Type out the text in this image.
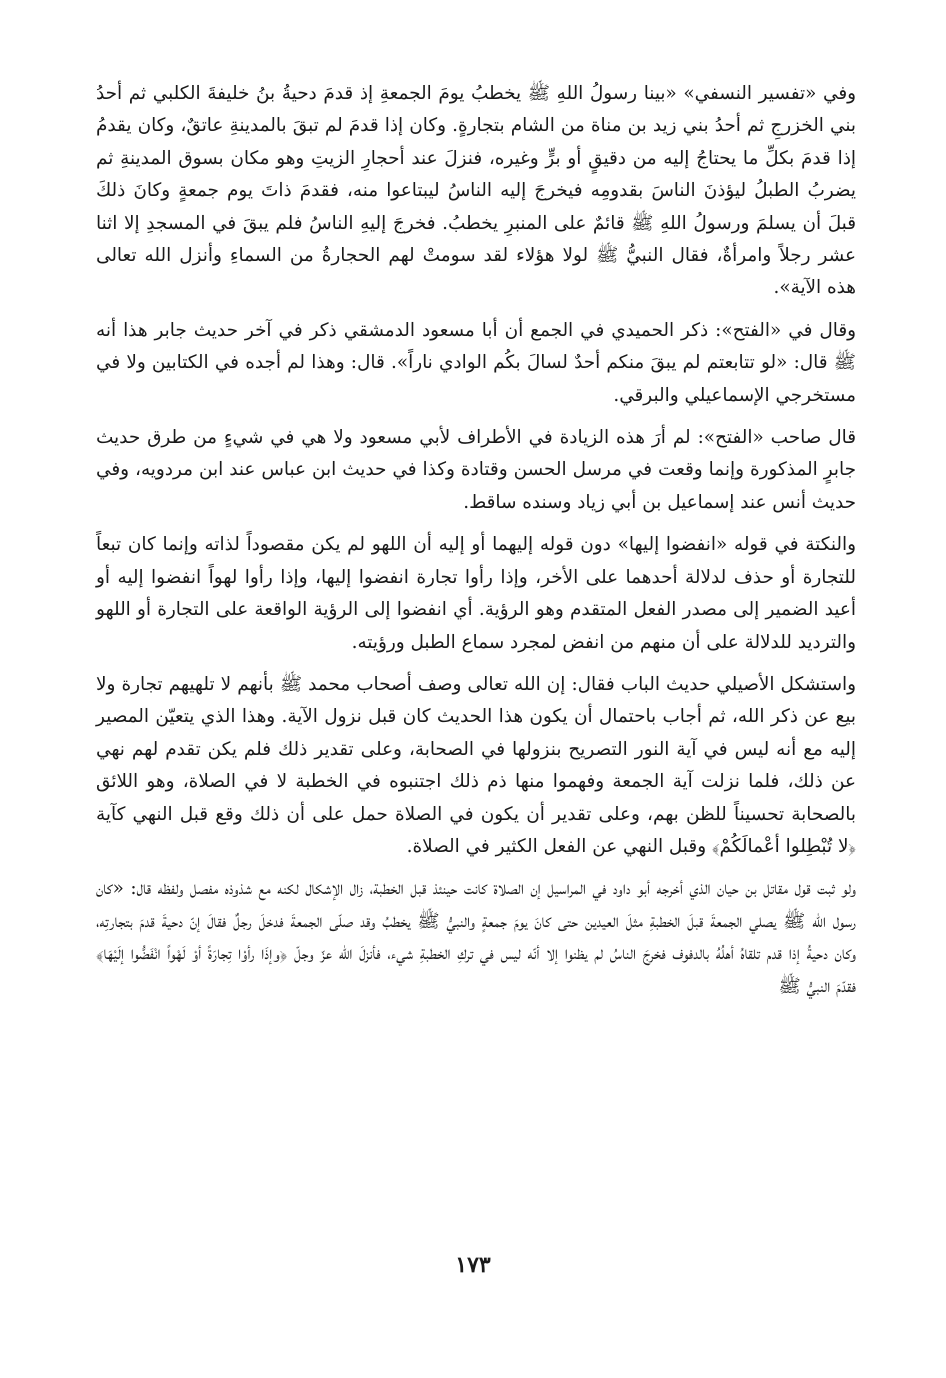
وفي «تفسير النسفي» «بينا رسولُ اللهِ ﷺ يخطبُ يومَ الجمعةِ إذ قدمَ دحيةُ بنُ خليفةَ الكلبي ثم أحدُ بني الخزرجِ ثم أحدُ بني زيد بن مناة من الشام بتجارةٍ. وكان إذا قدمَ لم تبقَ بالمدينةِ عاتقٌ، وكان يقدمُ إذا قدمَ بكلِّ ما يحتاجُ إليه من دقيقٍ أو برٍّ وغيره، فنزلَ عند أحجارِ الزيتِ وهو مكان بسوق المدينةِ ثم يضربُ الطبلُ ليؤذنَ الناسَ بقدومِه فيخرجَ إليه الناسُ ليبتاعوا منه، فقدمَ ذاتَ يوم جمعةٍ وكانَ ذلكَ قبلَ أن يسلمَ ورسولُ اللهِ ﷺ قائمٌ على المنبرِ يخطبُ. فخرجَ إليهِ الناسُ فلم يبقَ في المسجدِ إلا اثنا عشر رجلاً وامرأةٌ، فقال النبيُّ ﷺ لولا هؤلاء لقد سومتْ لهم الحجارةُ من السماءِ وأنزل الله تعالى هذه الآية».

وقال في «الفتح»: ذكر الحميدي في الجمع أن أبا مسعود الدمشقي ذكر في آخر حديث جابر هذا أنه ﷺ قال: «لو تتابعتم لم يبقَ منكم أحدٌ لسالَ بكُم الوادي ناراً». قال: وهذا لم أجده في الكتابين ولا في مستخرجي الإسماعيلي والبرقي.

قال صاحب «الفتح»: لم أرَ هذه الزيادة في الأطراف لأبي مسعود ولا هي في شيءٍ من طرق حديث جابرٍ المذكورة وإنما وقعت في مرسل الحسن وقتادة وكذا في حديث ابن عباس عند ابن مردويه، وفي حديث أنس عند إسماعيل بن أبي زياد وسنده ساقط.

والنكتة في قوله «انفضوا إليها» دون قوله إليهما أو إليه أن اللهو لم يكن مقصوداً لذاته وإنما كان تبعاً للتجارة أو حذف لدلالة أحدهما على الأخر، وإذا رأوا تجارة انفضوا إليها، وإذا رأوا لهواً انفضوا إليه أو أعيد الضمير إلى مصدر الفعل المتقدم وهو الرؤية. أي انفضوا إلى الرؤية الواقعة على التجارة أو اللهو والترديد للدلالة على أن منهم من انفض لمجرد سماع الطبل ورؤيته.

واستشكل الأصيلي حديث الباب فقال: إن الله تعالى وصف أصحاب محمد ﷺ بأنهم لا تلهيهم تجارة ولا بيع عن ذكر الله، ثم أجاب باحتمال أن يكون هذا الحديث كان قبل نزول الآية. وهذا الذي يتعيّن المصير إليه مع أنه ليس في آية النور التصريح بنزولها في الصحابة، وعلى تقدير ذلك فلم يكن تقدم لهم نهي عن ذلك، فلما نزلت آية الجمعة وفهموا منها ذم ذلك اجتنبوه في الخطبة لا في الصلاة، وهو اللائق بالصحابة تحسيناً للظن بهم، وعلى تقدير أن يكون في الصلاة حمل على أن ذلك وقع قبل النهي كآية ﴿لا تُبْطِلوا أعْمالَكُمْ﴾ وقبل النهي عن الفعل الكثير في الصلاة.

ولو ثبت قول مقاتل بن حيان الذي أخرجه أبو داود في المراسيل إن الصلاة كانت حينئذ قبل الخطبة، زال الإشكال لكنه مع شذوذه مفصل ولفظه قال: «كان رسول الله ﷺ يصلي الجمعةَ قبلَ الخطبةِ مثلَ العيدين حتى كانَ يومَ جمعةٍ والنبيُّ ﷺ يخطبُ وقد صلّى الجمعةَ فدخلَ رجلٌ فقالَ إنّ دحيةَ قدمَ بتجارتِه، وكان دحيةُ إذا قدم تلقاهُ أهلُهُ بالدفوف فخرجَ الناسُ لم يظنوا إلا أنّه ليس في تركِ الخطبةِ شيء، فأنزلَ الله عزّ وجلّ ﴿وإذَا رأوْا تِجارَةً أوْ لَهْواً انْفَضُّوا إلَيْهَا﴾ فقدّمَ النبيُّ ﷺ

١٧٣
